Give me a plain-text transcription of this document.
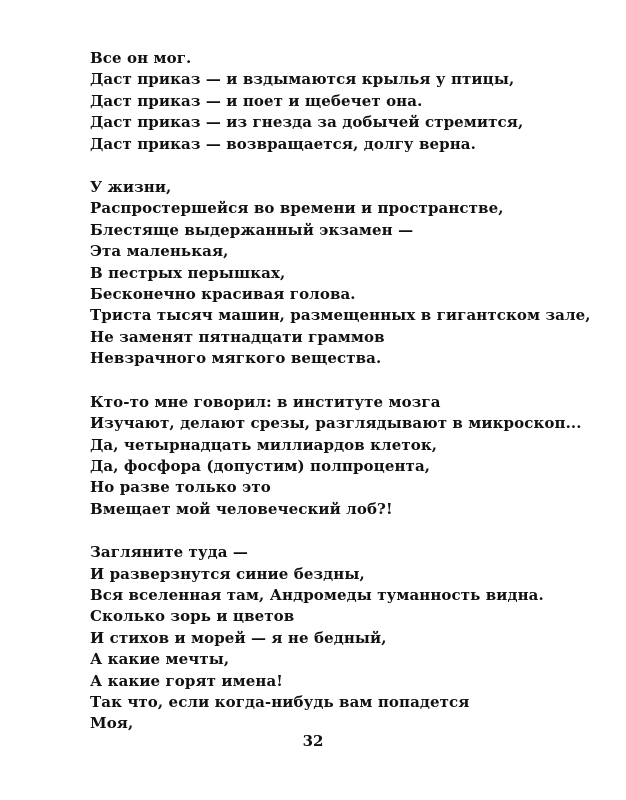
Все он мог.
Даст приказ — и вздымаются крылья у птицы,
Даст приказ — и поет и щебечет она.
Даст приказ — из гнезда за добычей стремится,
Даст приказ — возвращается, долгу верна.
У жизни,
Распростершейся во времени и пространстве,
Блестяще выдержанный экзамен —
Эта маленькая,
В пестрых перышках,
Бесконечно красивая голова.
Триста тысяч машин, размещенных в гигантском зале,
Не заменят пятнадцати граммов
Невзрачного мягкого вещества.
Кто-то мне говорил: в институте мозга
Изучают, делают срезы, разглядывают в микроскоп...
Да, четырнадцать миллиардов клеток,
Да, фосфора (допустим) полпроцента,
Но разве только это
Вмещает мой человеческий лоб?!
Загляните туда —
И разверзнутся синие бездны,
Вся вселенная там, Андромеды туманность видна.
Сколько зорь и цветов
И стихов и морей — я не бедный,
А какие мечты,
А какие горят имена!
Так что, если когда-нибудь вам попадется
Моя,
32
